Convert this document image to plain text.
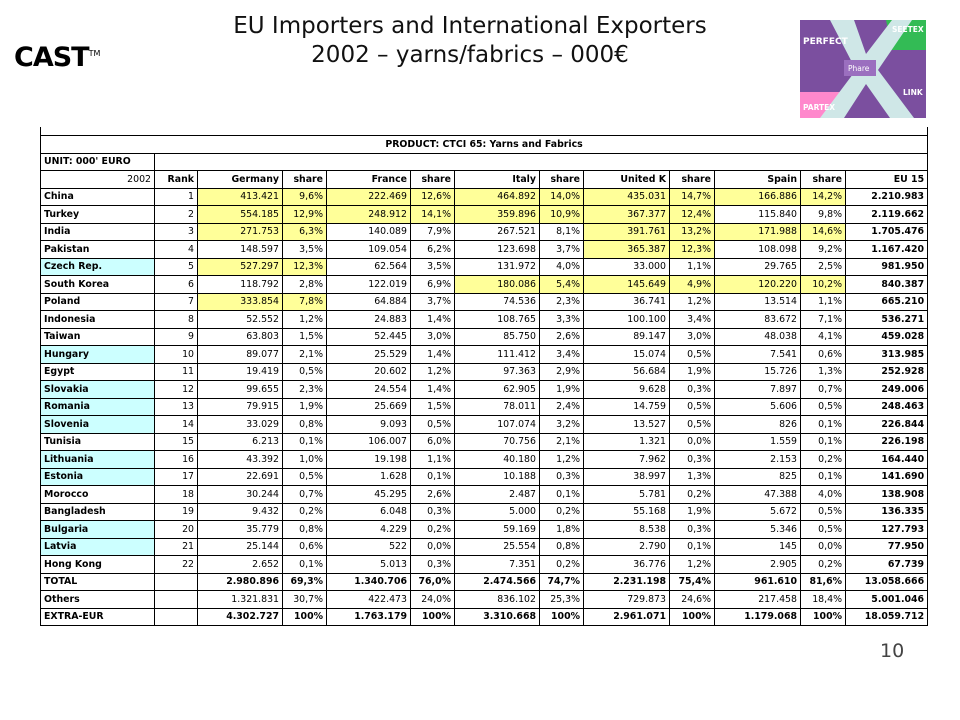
EU Importers and International Exporters
2002 – yarns/fabrics – 000€
CAST™
PERFECT
SEETEX
Phare
LINK
PARTEX

PRODUCT: CTCI 65: Yarns and Fabrics												
UNIT: 000' EURO												
2002	Rank	Germany	share	France	share	Italy	share	United K	share	Spain	share	EU 15
China	1	413.421	9,6%	222.469	12,6%	464.892	14,0%	435.031	14,7%	166.886	14,2%	2.210.983
Turkey	2	554.185	12,9%	248.912	14,1%	359.896	10,9%	367.377	12,4%	115.840	9,8%	2.119.662
India	3	271.753	6,3%	140.089	7,9%	267.521	8,1%	391.761	13,2%	171.988	14,6%	1.705.476
Pakistan	4	148.597	3,5%	109.054	6,2%	123.698	3,7%	365.387	12,3%	108.098	9,2%	1.167.420
Czech Rep.	5	527.297	12,3%	62.564	3,5%	131.972	4,0%	33.000	1,1%	29.765	2,5%	981.950
South Korea	6	118.792	2,8%	122.019	6,9%	180.086	5,4%	145.649	4,9%	120.220	10,2%	840.387
Poland	7	333.854	7,8%	64.884	3,7%	74.536	2,3%	36.741	1,2%	13.514	1,1%	665.210
Indonesia	8	52.552	1,2%	24.883	1,4%	108.765	3,3%	100.100	3,4%	83.672	7,1%	536.271
Taiwan	9	63.803	1,5%	52.445	3,0%	85.750	2,6%	89.147	3,0%	48.038	4,1%	459.028
Hungary	10	89.077	2,1%	25.529	1,4%	111.412	3,4%	15.074	0,5%	7.541	0,6%	313.985
Egypt	11	19.419	0,5%	20.602	1,2%	97.363	2,9%	56.684	1,9%	15.726	1,3%	252.928
Slovakia	12	99.655	2,3%	24.554	1,4%	62.905	1,9%	9.628	0,3%	7.897	0,7%	249.006
Romania	13	79.915	1,9%	25.669	1,5%	78.011	2,4%	14.759	0,5%	5.606	0,5%	248.463
Slovenia	14	33.029	0,8%	9.093	0,5%	107.074	3,2%	13.527	0,5%	826	0,1%	226.844
Tunisia	15	6.213	0,1%	106.007	6,0%	70.756	2,1%	1.321	0,0%	1.559	0,1%	226.198
Lithuania	16	43.392	1,0%	19.198	1,1%	40.180	1,2%	7.962	0,3%	2.153	0,2%	164.440
Estonia	17	22.691	0,5%	1.628	0,1%	10.188	0,3%	38.997	1,3%	825	0,1%	141.690
Morocco	18	30.244	0,7%	45.295	2,6%	2.487	0,1%	5.781	0,2%	47.388	4,0%	138.908
Bangladesh	19	9.432	0,2%	6.048	0,3%	5.000	0,2%	55.168	1,9%	5.672	0,5%	136.335
Bulgaria	20	35.779	0,8%	4.229	0,2%	59.169	1,8%	8.538	0,3%	5.346	0,5%	127.793
Latvia	21	25.144	0,6%	522	0,0%	25.554	0,8%	2.790	0,1%	145	0,0%	77.950
Hong Kong	22	2.652	0,1%	5.013	0,3%	7.351	0,2%	36.776	1,2%	2.905	0,2%	67.739
TOTAL		2.980.896	69,3%	1.340.706	76,0%	2.474.566	74,7%	2.231.198	75,4%	961.610	81,6%	13.058.666
Others		1.321.831	30,7%	422.473	24,0%	836.102	25,3%	729.873	24,6%	217.458	18,4%	5.001.046
EXTRA-EUR		4.302.727	100%	1.763.179	100%	3.310.668	100%	2.961.071	100%	1.179.068	100%	18.059.712
10
